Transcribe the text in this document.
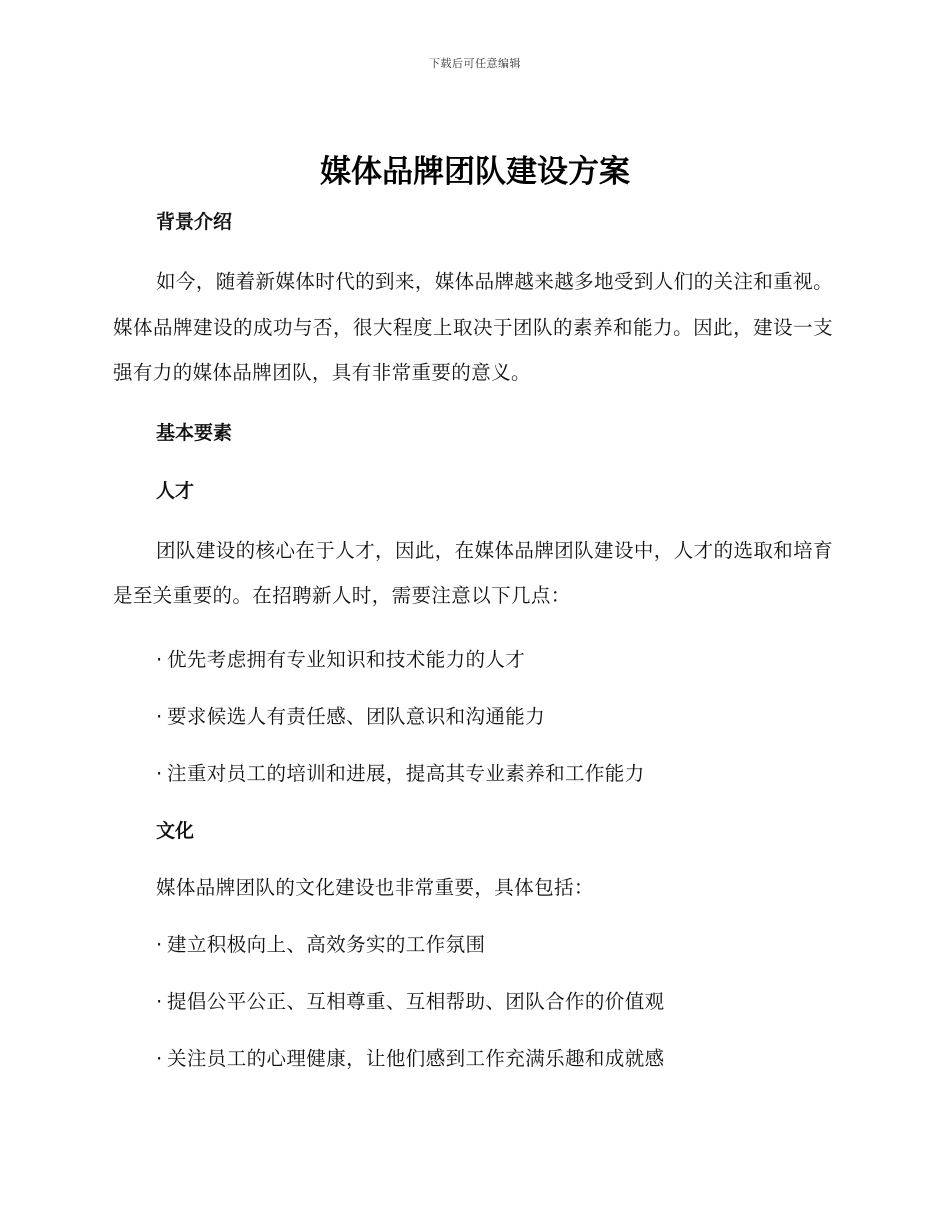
下载后可任意编辑
媒体品牌团队建设方案

背景介绍

如今，随着新媒体时代的到来，媒体品牌越来越多地受到人们的关注和重视。媒体品牌建设的成功与否，很大程度上取决于团队的素养和能力。因此，建设一支强有力的媒体品牌团队，具有非常重要的意义。

基本要素

人才

团队建设的核心在于人才，因此，在媒体品牌团队建设中，人才的选取和培育是至关重要的。在招聘新人时，需要注意以下几点：

· 优先考虑拥有专业知识和技术能力的人才

· 要求候选人有责任感、团队意识和沟通能力

· 注重对员工的培训和进展，提高其专业素养和工作能力

文化

媒体品牌团队的文化建设也非常重要，具体包括：

· 建立积极向上、高效务实的工作氛围

· 提倡公平公正、互相尊重、互相帮助、团队合作的价值观

· 关注员工的心理健康，让他们感到工作充满乐趣和成就感
